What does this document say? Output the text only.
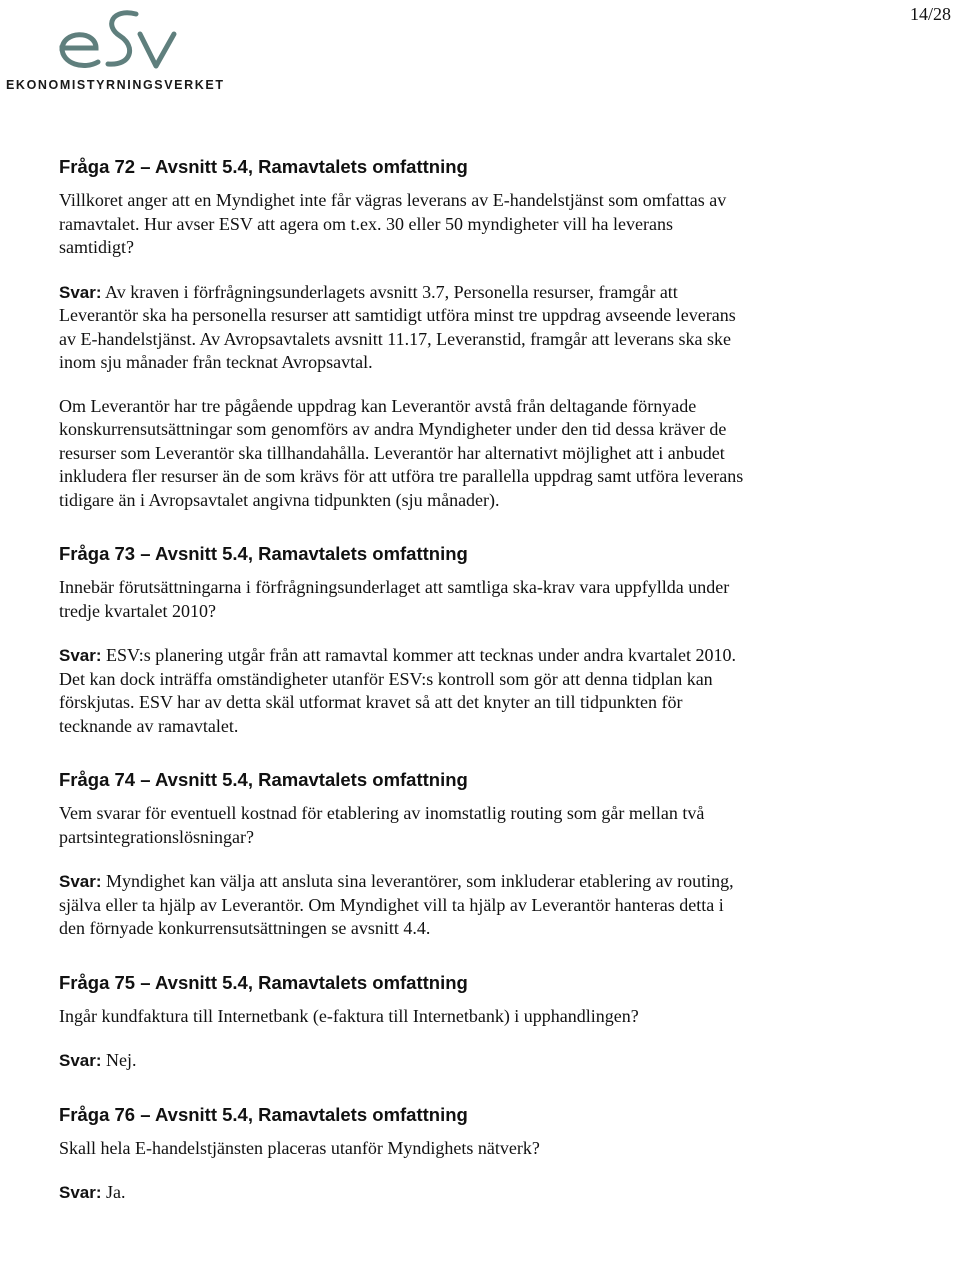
EKONOMISTYRNINGSVERKET
14/28
Fråga 72 – Avsnitt 5.4, Ramavtalets omfattning

Villkoret anger att en Myndighet inte får vägras leverans av E-handelstjänst som omfattas av ramavtalet. Hur avser ESV att agera om t.ex. 30 eller 50 myndigheter vill ha leverans samtidigt?

Svar: Av kraven i förfrågningsunderlagets avsnitt 3.7, Personella resurser, framgår att Leverantör ska ha personella resurser att samtidigt utföra minst tre uppdrag avseende leverans av E-handelstjänst. Av Avropsavtalets avsnitt 11.17, Leveranstid, framgår att leverans ska ske inom sju månader från tecknat Avropsavtal.

Om Leverantör har tre pågående uppdrag kan Leverantör avstå från deltagande förnyade konskurrensutsättningar som genomförs av andra Myndigheter under den tid dessa kräver de resurser som Leverantör ska tillhandahålla. Leverantör har alternativt möjlighet att i anbudet inkludera fler resurser än de som krävs för att utföra tre parallella uppdrag samt utföra leverans tidigare än i Avropsavtalet angivna tidpunkten (sju månader).

Fråga 73 – Avsnitt 5.4, Ramavtalets omfattning

Innebär förutsättningarna i förfrågningsunderlaget att samtliga ska-krav vara uppfyllda under tredje kvartalet 2010?

Svar: ESV:s planering utgår från att ramavtal kommer att tecknas under andra kvartalet 2010. Det kan dock inträffa omständigheter utanför ESV:s kontroll som gör att denna tidplan kan förskjutas. ESV har av detta skäl utformat kravet så att det knyter an till tidpunkten för tecknande av ramavtalet.

Fråga 74 – Avsnitt 5.4, Ramavtalets omfattning

Vem svarar för eventuell kostnad för etablering av inomstatlig routing som går mellan två partsintegrationslösningar?

Svar: Myndighet kan välja att ansluta sina leverantörer, som inkluderar etablering av routing, själva eller ta hjälp av Leverantör. Om Myndighet vill ta hjälp av Leverantör hanteras detta i den förnyade konkurrensutsättningen se avsnitt 4.4.

Fråga 75 – Avsnitt 5.4, Ramavtalets omfattning

Ingår kundfaktura till Internetbank (e-faktura till Internetbank) i upphandlingen?

Svar: Nej.

Fråga 76 – Avsnitt 5.4, Ramavtalets omfattning

Skall hela E-handelstjänsten placeras utanför Myndighets nätverk?

Svar: Ja.
